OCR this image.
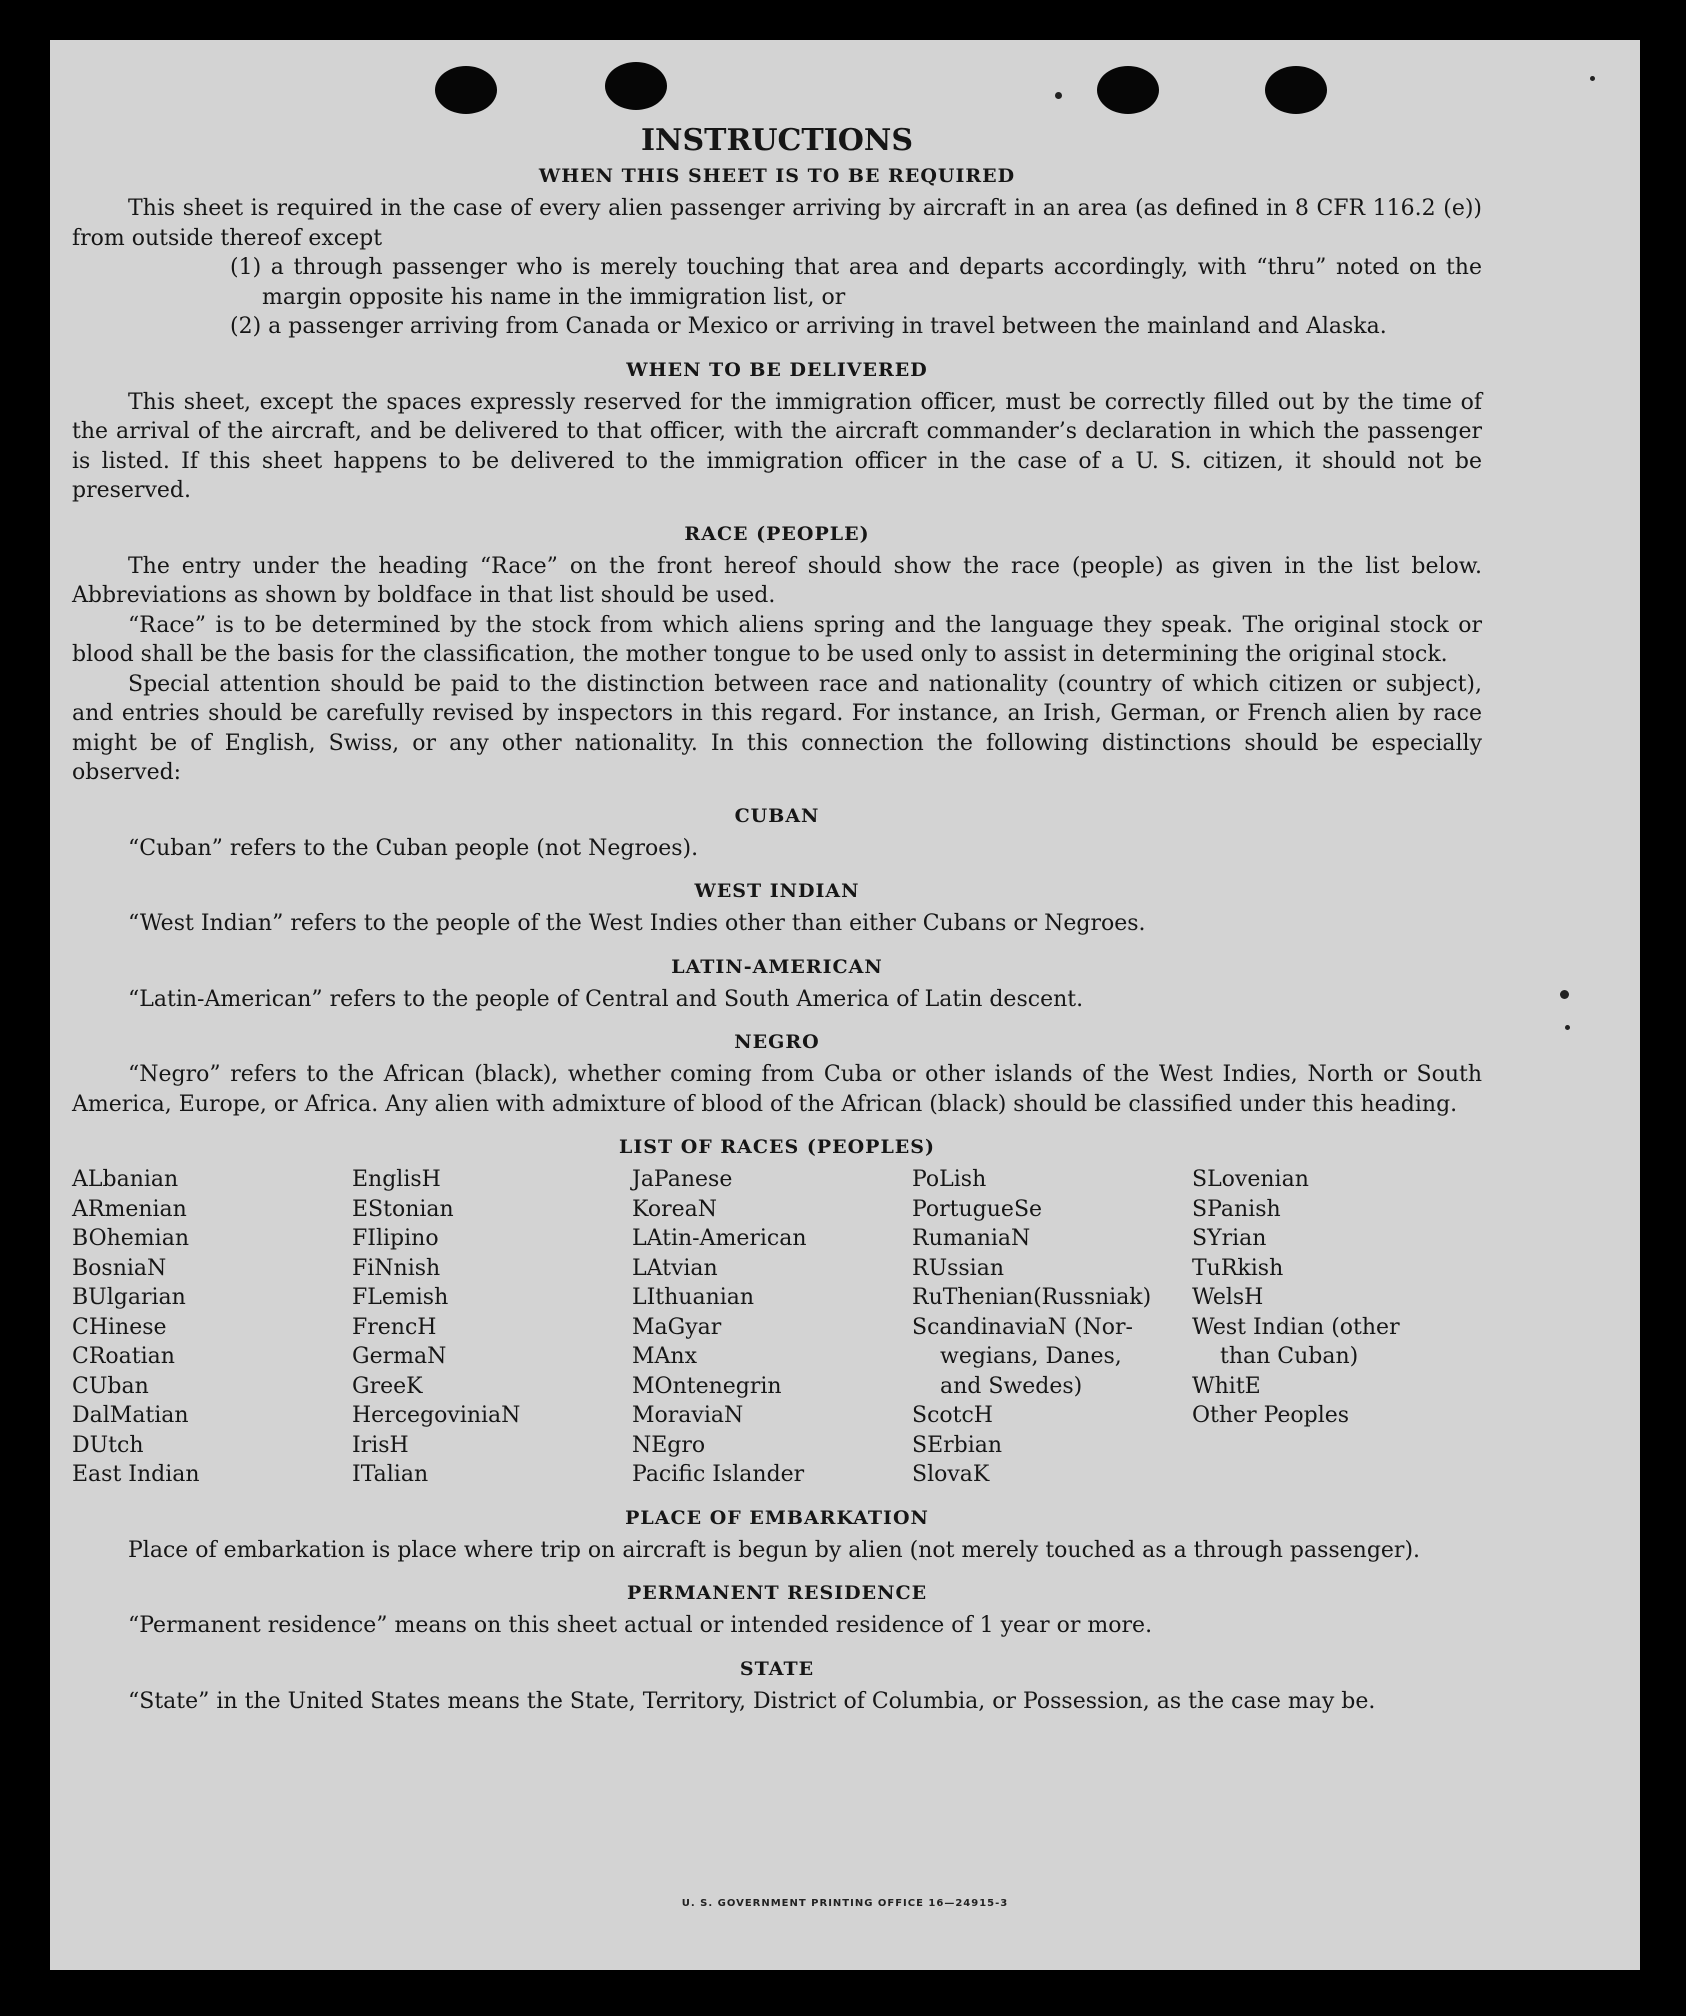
INSTRUCTIONS
WHEN THIS SHEET IS TO BE REQUIRED

This sheet is required in the case of every alien passenger arriving by aircraft in an area (as defined in 8 CFR 116.2 (e)) from outside thereof except

(1) a through passenger who is merely touching that area and departs accordingly, with “thru” noted on the margin opposite his name in the immigration list, or

(2) a passenger arriving from Canada or Mexico or arriving in travel between the mainland and Alaska.

WHEN TO BE DELIVERED

This sheet, except the spaces expressly reserved for the immigration officer, must be correctly filled out by the time of the arrival of the aircraft, and be delivered to that officer, with the aircraft commander’s declaration in which the passenger is listed. If this sheet happens to be delivered to the immigration officer in the case of a U. S. citizen, it should not be preserved.

RACE (PEOPLE)

The entry under the heading “Race” on the front hereof should show the race (people) as given in the list below. Abbreviations as shown by boldface in that list should be used.

“Race” is to be determined by the stock from which aliens spring and the language they speak. The original stock or blood shall be the basis for the classification, the mother tongue to be used only to assist in determining the original stock.

Special attention should be paid to the distinction between race and nationality (country of which citizen or subject), and entries should be carefully revised by inspectors in this regard. For instance, an Irish, German, or French alien by race might be of English, Swiss, or any other nationality. In this connection the following distinctions should be especially observed:

CUBAN

“Cuban” refers to the Cuban people (not Negroes).

WEST INDIAN

“West Indian” refers to the people of the West Indies other than either Cubans or Negroes.

LATIN-AMERICAN

“Latin-American” refers to the people of Central and South America of Latin descent.

NEGRO

“Negro” refers to the African (black), whether coming from Cuba or other islands of the West Indies, North or South America, Europe, or Africa. Any alien with admixture of blood of the African (black) should be classified under this heading.

LIST OF RACES (PEOPLES)
ALbanian
ARmenian
BOhemian
BosniaN
BUlgarian
CHinese
CRoatian
CUban
DalMatian
DUtch
East Indian
EnglisH
EStonian
FIlipino
FiNnish
FLemish
FrencH
GermaN
GreeK
HercegoviniaN
IrisH
ITalian
JaPanese
KoreaN
LAtin-American
LAtvian
LIthuanian
MaGyar
MAnx
MOntenegrin
MoraviaN
NEgro
Pacific Islander
PoLish
PortugueSe
RumaniaN
RUssian
RuThenian(Russniak)
ScandinaviaN (Nor-
wegians, Danes,
and Swedes)
ScotcH
SErbian
SlovaK
SLovenian
SPanish
SYrian
TuRkish
WelsH
West Indian (other
than Cuban)
WhitE
Other Peoples
PLACE OF EMBARKATION

Place of embarkation is place where trip on aircraft is begun by alien (not merely touched as a through passenger).

PERMANENT RESIDENCE

“Permanent residence” means on this sheet actual or intended residence of 1 year or more.

STATE

“State” in the United States means the State, Territory, District of Columbia, or Possession, as the case may be.

U. S. GOVERNMENT PRINTING OFFICE 16—24915-3
